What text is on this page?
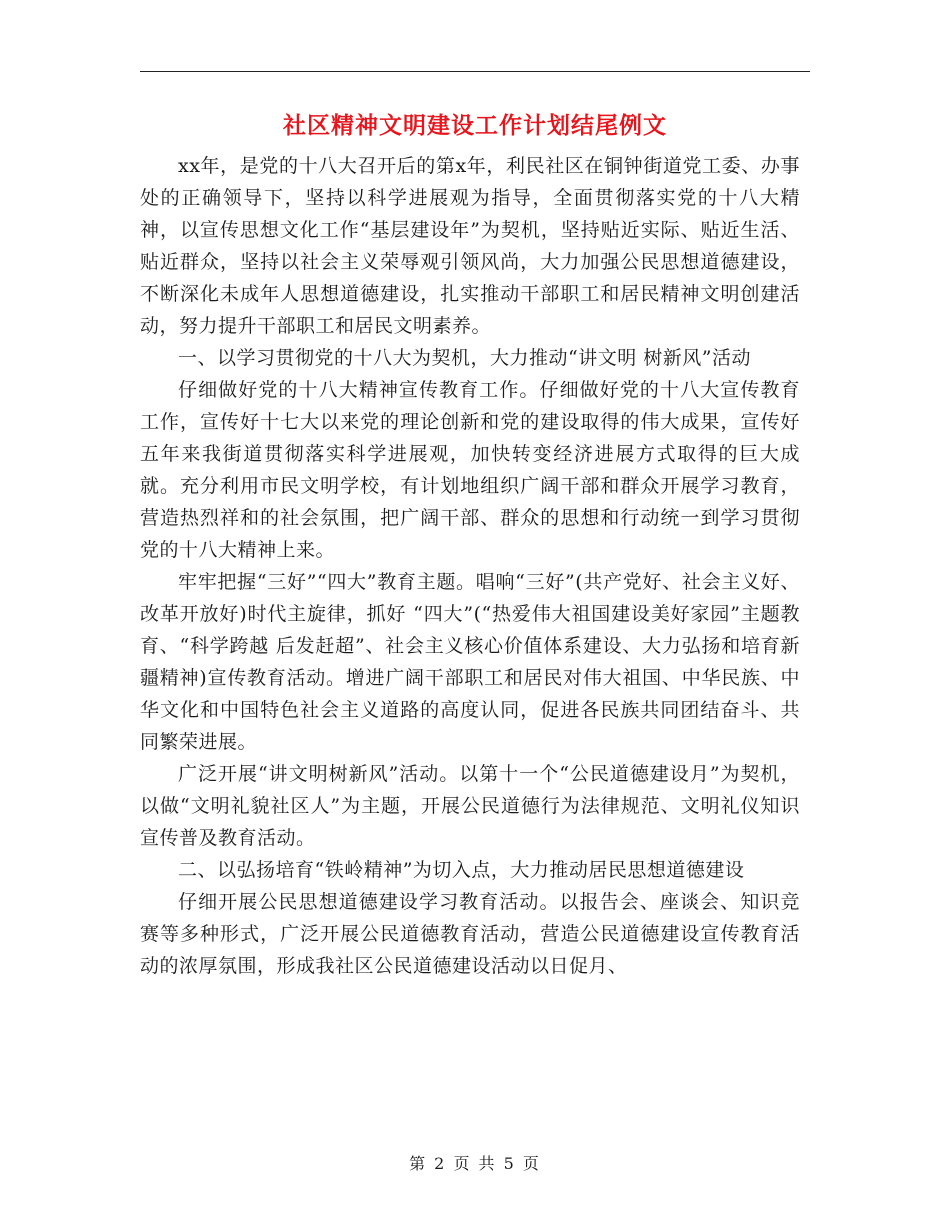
社区精神文明建设工作计划结尾例文

xx年，是党的十八大召开后的第x年，利民社区在铜钟街道党工委、办事处的正确领导下，坚持以科学进展观为指导，全面贯彻落实党的十八大精神，以宣传思想文化工作“基层建设年”为契机，坚持贴近实际、贴近生活、贴近群众，坚持以社会主义荣辱观引领风尚，大力加强公民思想道德建设，不断深化未成年人思想道德建设，扎实推动干部职工和居民精神文明创建活动，努力提升干部职工和居民文明素养。

一、以学习贯彻党的十八大为契机，大力推动“讲文明 树新风”活动

仔细做好党的十八大精神宣传教育工作。仔细做好党的十八大宣传教育工作，宣传好十七大以来党的理论创新和党的建设取得的伟大成果，宣传好五年来我街道贯彻落实科学进展观，加快转变经济进展方式取得的巨大成就。充分利用市民文明学校，有计划地组织广阔干部和群众开展学习教育，营造热烈祥和的社会氛围，把广阔干部、群众的思想和行动统一到学习贯彻党的十八大精神上来。

牢牢把握“三好”“四大”教育主题。唱响“三好”(共产党好、社会主义好、改革开放好)时代主旋律，抓好 “四大”(“热爱伟大祖国建设美好家园”主题教育、“科学跨越 后发赶超”、社会主义核心价值体系建设、大力弘扬和培育新疆精神)宣传教育活动。增进广阔干部职工和居民对伟大祖国、中华民族、中华文化和中国特色社会主义道路的高度认同，促进各民族共同团结奋斗、共同繁荣进展。

广泛开展“讲文明树新风”活动。以第十一个“公民道德建设月”为契机，以做“文明礼貌社区人”为主题，开展公民道德行为法律规范、文明礼仪知识宣传普及教育活动。

二、以弘扬培育“铁岭精神”为切入点，大力推动居民思想道德建设

仔细开展公民思想道德建设学习教育活动。以报告会、座谈会、知识竞赛等多种形式，广泛开展公民道德教育活动，营造公民道德建设宣传教育活动的浓厚氛围，形成我社区公民道德建设活动以日促月、

第 2 页 共 5 页
